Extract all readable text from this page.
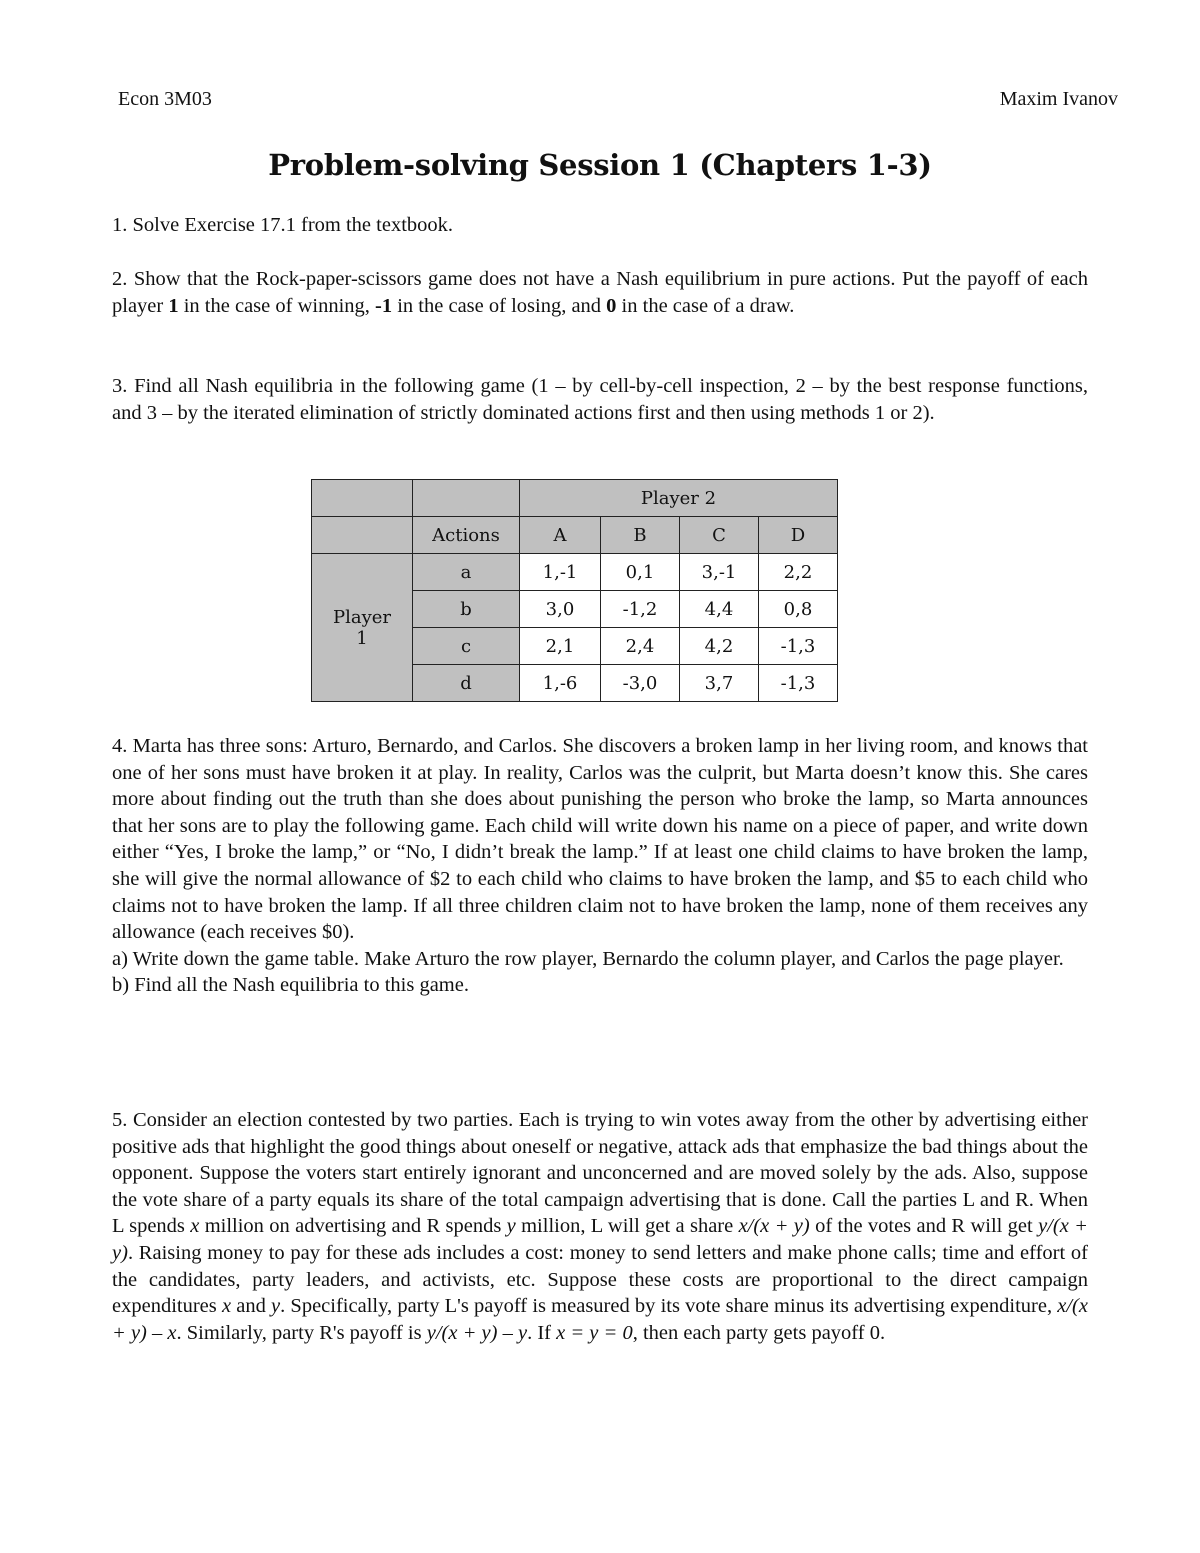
Econ 3M03	Maxim Ivanov
Problem-solving Session 1 (Chapters 1-3)
1. Solve Exercise 17.1 from the textbook.
2. Show that the Rock-paper-scissors game does not have a Nash equilibrium in pure actions. Put the payoff of each player 1 in the case of winning, -1 in the case of losing, and 0 in the case of a draw.
3. Find all Nash equilibria in the following game (1 – by cell-by-cell inspection, 2 – by the best response functions, and 3 – by the iterated elimination of strictly dominated actions first and then using methods 1 or 2).
		Player 2			
	Actions	A	B	C	D
Player 1	a	1,-1	0,1	3,-1	2,2
	b	3,0	-1,2	4,4	0,8
	c	2,1	2,4	4,2	-1,3
	d	1,-6	-3,0	3,7	-1,3
4. Marta has three sons: Arturo, Bernardo, and Carlos. She discovers a broken lamp in her living room, and knows that one of her sons must have broken it at play. In reality, Carlos was the culprit, but Marta doesn’t know this. She cares more about finding out the truth than she does about punishing the person who broke the lamp, so Marta announces that her sons are to play the following game. Each child will write down his name on a piece of paper, and write down either “Yes, I broke the lamp,” or “No, I didn’t break the lamp.” If at least one child claims to have broken the lamp, she will give the normal allowance of $2 to each child who claims to have broken the lamp, and $5 to each child who claims not to have broken the lamp. If all three children claim not to have broken the lamp, none of them receives any allowance (each receives $0).
a) Write down the game table. Make Arturo the row player, Bernardo the column player, and Carlos the page player.
b) Find all the Nash equilibria to this game.
5. Consider an election contested by two parties. Each is trying to win votes away from the other by advertising either positive ads that highlight the good things about oneself or negative, attack ads that emphasize the bad things about the opponent. Suppose the voters start entirely ignorant and unconcerned and are moved solely by the ads. Also, suppose the vote share of a party equals its share of the total campaign advertising that is done. Call the parties L and R. When L spends x million on advertising and R spends y million, L will get a share x/(x + y) of the votes and R will get y/(x + y). Raising money to pay for these ads includes a cost: money to send letters and make phone calls; time and effort of the candidates, party leaders, and activists, etc. Suppose these costs are proportional to the direct campaign expenditures x and y. Specifically, party L's payoff is measured by its vote share minus its advertising expenditure, x/(x + y) – x. Similarly, party R's payoff is y/(x + y) – y. If x = y = 0, then each party gets payoff 0.
